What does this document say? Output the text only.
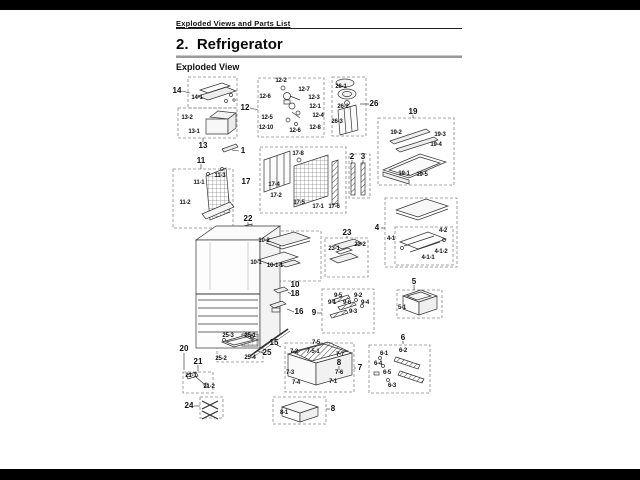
Exploded Views and Parts List
2.  Refrigerator
Exploded View
14
12
13
1
11	2 3
26
17
19
4
22
23
10
18
16 9
5
6
7
8
8
15
25
20
21
24
14-1
13-2
13-1
12-2
12-7
12-6	12-3
12-1
12-4
12-5
12-10	12-6 12-8
26-1
26-2
26-3
11-1
11-3
11-2
17-8
17-4
17-2
17-5
17-1 17-6
19-2	19-3
19-4
19-1 19-5
4-2
4-1
4-1-2
4-1-1
10-2
10-1 10-1-1
23-2
23-1
9-5 9-2
9-1 9-6 9-4
9-3
25-3 25-1
25-2	25-4
21-1
21-2
7-5
7-2 7-5-1	7-7
7-3	7-6
7-4	7-1
5-1
8-1
6-1 6-2
6-4
6-5
6-3
